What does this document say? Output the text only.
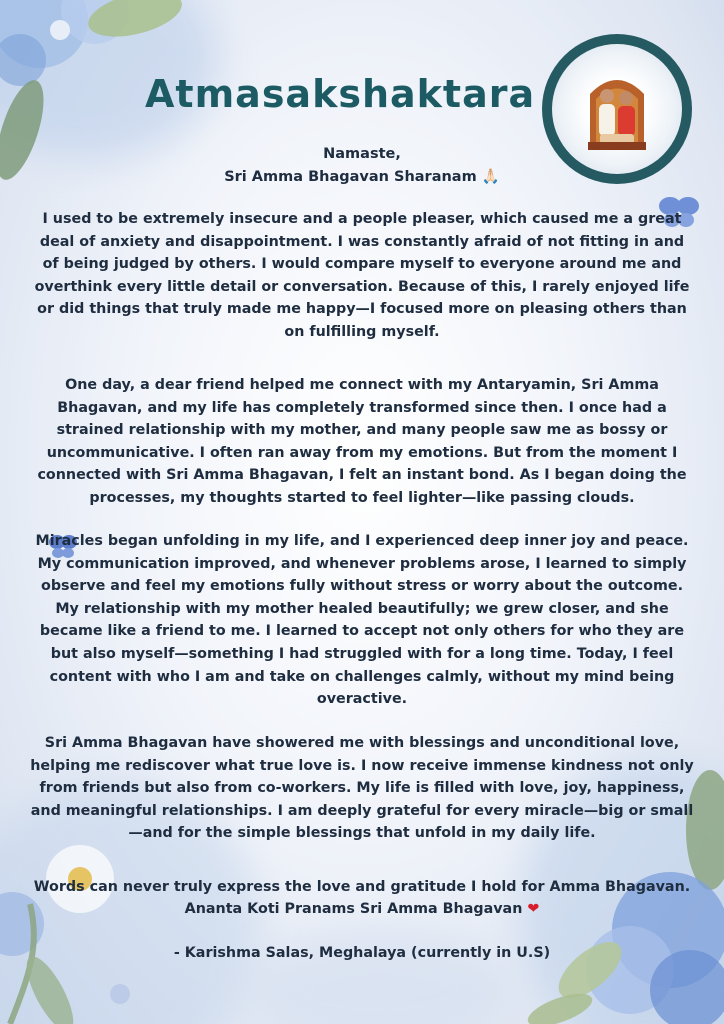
Atmasakshaktara

Namaste,

Sri Amma Bhagavan Sharanam 🙏🏻

I used to be extremely insecure and a people pleaser, which caused me a great deal of anxiety and disappointment. I was constantly afraid of not fitting in and of being judged by others. I would compare myself to everyone around me and overthink every little detail or conversation. Because of this, I rarely enjoyed life or did things that truly made me happy—I focused more on pleasing others than on fulfilling myself.

One day, a dear friend helped me connect with my Antaryamin, Sri Amma Bhagavan, and my life has completely transformed since then. I once had a strained relationship with my mother, and many people saw me as bossy or uncommunicative. I often ran away from my emotions. But from the moment I connected with Sri Amma Bhagavan, I felt an instant bond. As I began doing the processes, my thoughts started to feel lighter—like passing clouds.

Miracles began unfolding in my life, and I experienced deep inner joy and peace. My communication improved, and whenever problems arose, I learned to simply observe and feel my emotions fully without stress or worry about the outcome. My relationship with my mother healed beautifully; we grew closer, and she became like a friend to me. I learned to accept not only others for who they are but also myself—something I had struggled with for a long time. Today, I feel content with who I am and take on challenges calmly, without my mind being overactive.

Sri Amma Bhagavan have showered me with blessings and unconditional love, helping me rediscover what true love is. I now receive immense kindness not only from friends but also from co-workers. My life is filled with love, joy, happiness, and meaningful relationships. I am deeply grateful for every miracle—big or small—and for the simple blessings that unfold in my daily life.

Words can never truly express the love and gratitude I hold for Amma Bhagavan.

Ananta Koti Pranams Sri Amma Bhagavan ❤

- Karishma Salas, Meghalaya (currently in U.S)
